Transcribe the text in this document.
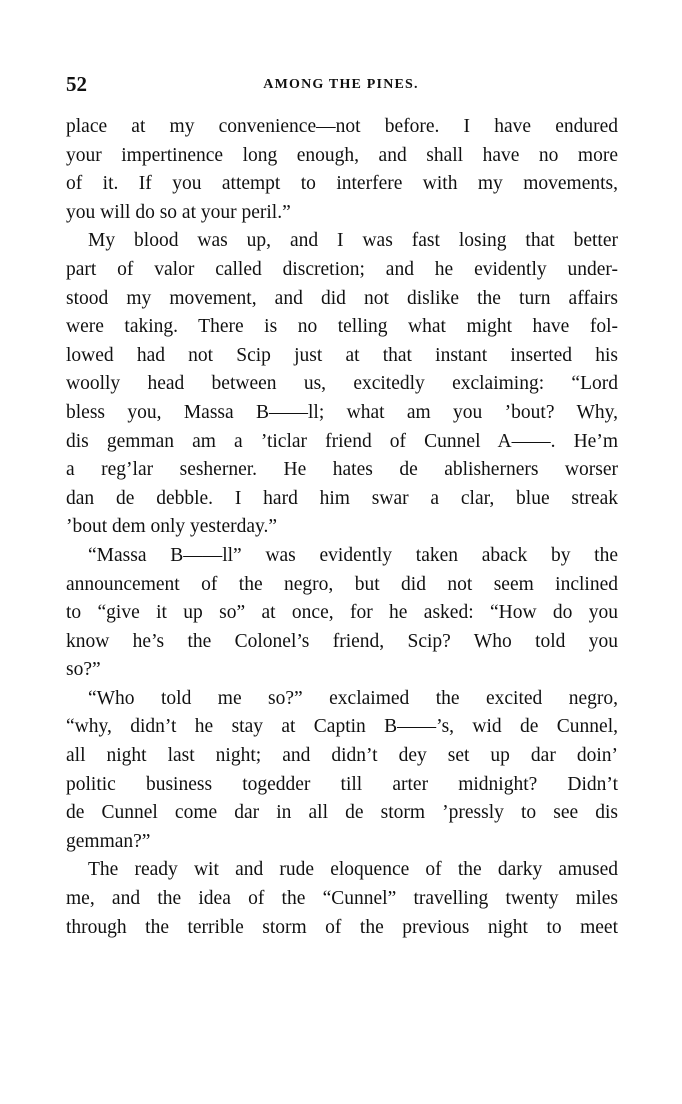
52	AMONG THE PINES.
place at my convenience—not before. I have endured
your impertinence long enough, and shall have no more
of it. If you attempt to interfere with my movements,
you will do so at your peril.”
My blood was up, and I was fast losing that better
part of valor called discretion; and he evidently under-
stood my movement, and did not dislike the turn affairs
were taking. There is no telling what might have fol-
lowed had not Scip just at that instant inserted his
woolly head between us, excitedly exclaiming: “Lord
bless you, Massa B——ll; what am you ’bout? Why,
dis gemman am a ’ticlar friend of Cunnel A——. He’m
a reg’lar sesherner. He hates de ablisherners worser
dan de debble. I hard him swar a clar, blue streak
’bout dem only yesterday.”
“Massa B——ll” was evidently taken aback by the
announcement of the negro, but did not seem inclined
to “give it up so” at once, for he asked: “How do you
know he’s the Colonel’s friend, Scip? Who told you
so?”
“Who told me so?” exclaimed the excited negro,
“why, didn’t he stay at Captin B——’s, wid de Cunnel,
all night last night; and didn’t dey set up dar doin’
politic business togedder till arter midnight? Didn’t
de Cunnel come dar in all de storm ’pressly to see dis
gemman?”
The ready wit and rude eloquence of the darky amused
me, and the idea of the “Cunnel” travelling twenty miles
through the terrible storm of the previous night to meet
